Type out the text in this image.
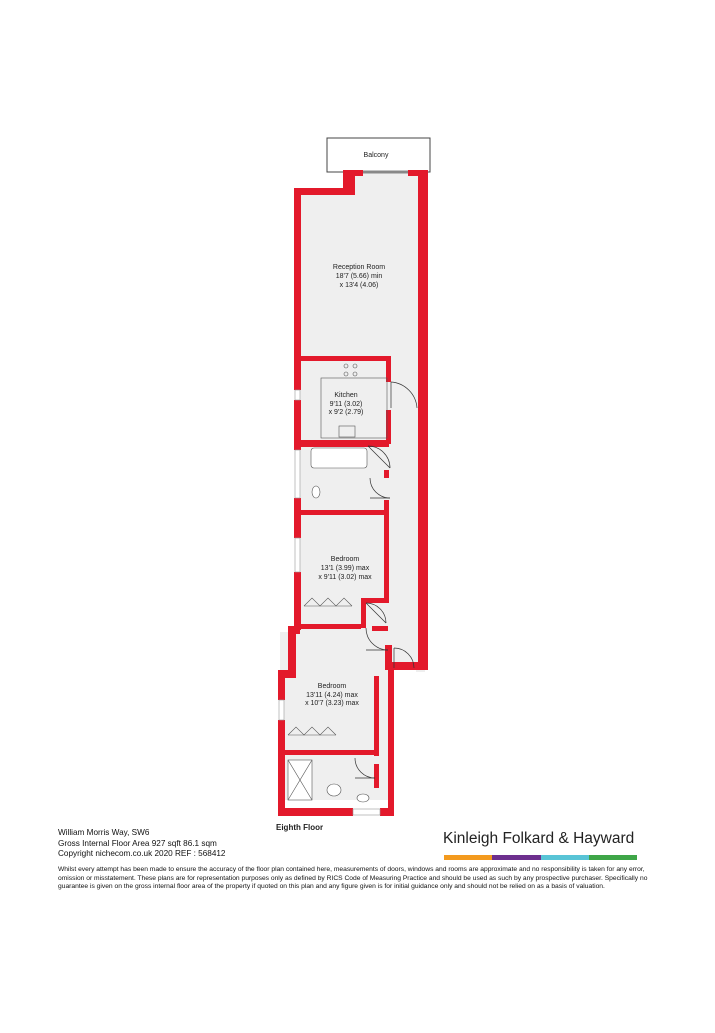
Balcony
Reception Room
18'7 (5.66) min
x 13'4 (4.06)
Kitchen
9'11 (3.02)
x 9'2 (2.79)
Bedroom
13'1 (3.99) max
x 9'11 (3.02) max
Bedroom
13'11 (4.24) max
x 10'7 (3.23) max
Eighth Floor
William Morris Way, SW6
Gross Internal Floor Area 927 sqft 86.1 sqm
Copyright nichecom.co.uk 2020 REF : 568412
Kinleigh Folkard & Hayward
Whilst every attempt has been made to ensure the accuracy of the floor plan contained here, measurements of doors, windows and rooms are approximate and no responsibility is taken for any error, omission or misstatement. These plans are for representation purposes only as defined by RICS Code of Measuring Practice and should be used as such by any prospective purchaser. Specifically no guarantee is given on the gross internal floor area of the property if quoted on this plan and any figure given is for initial guidance only and should not be relied on as a basis of valuation.
